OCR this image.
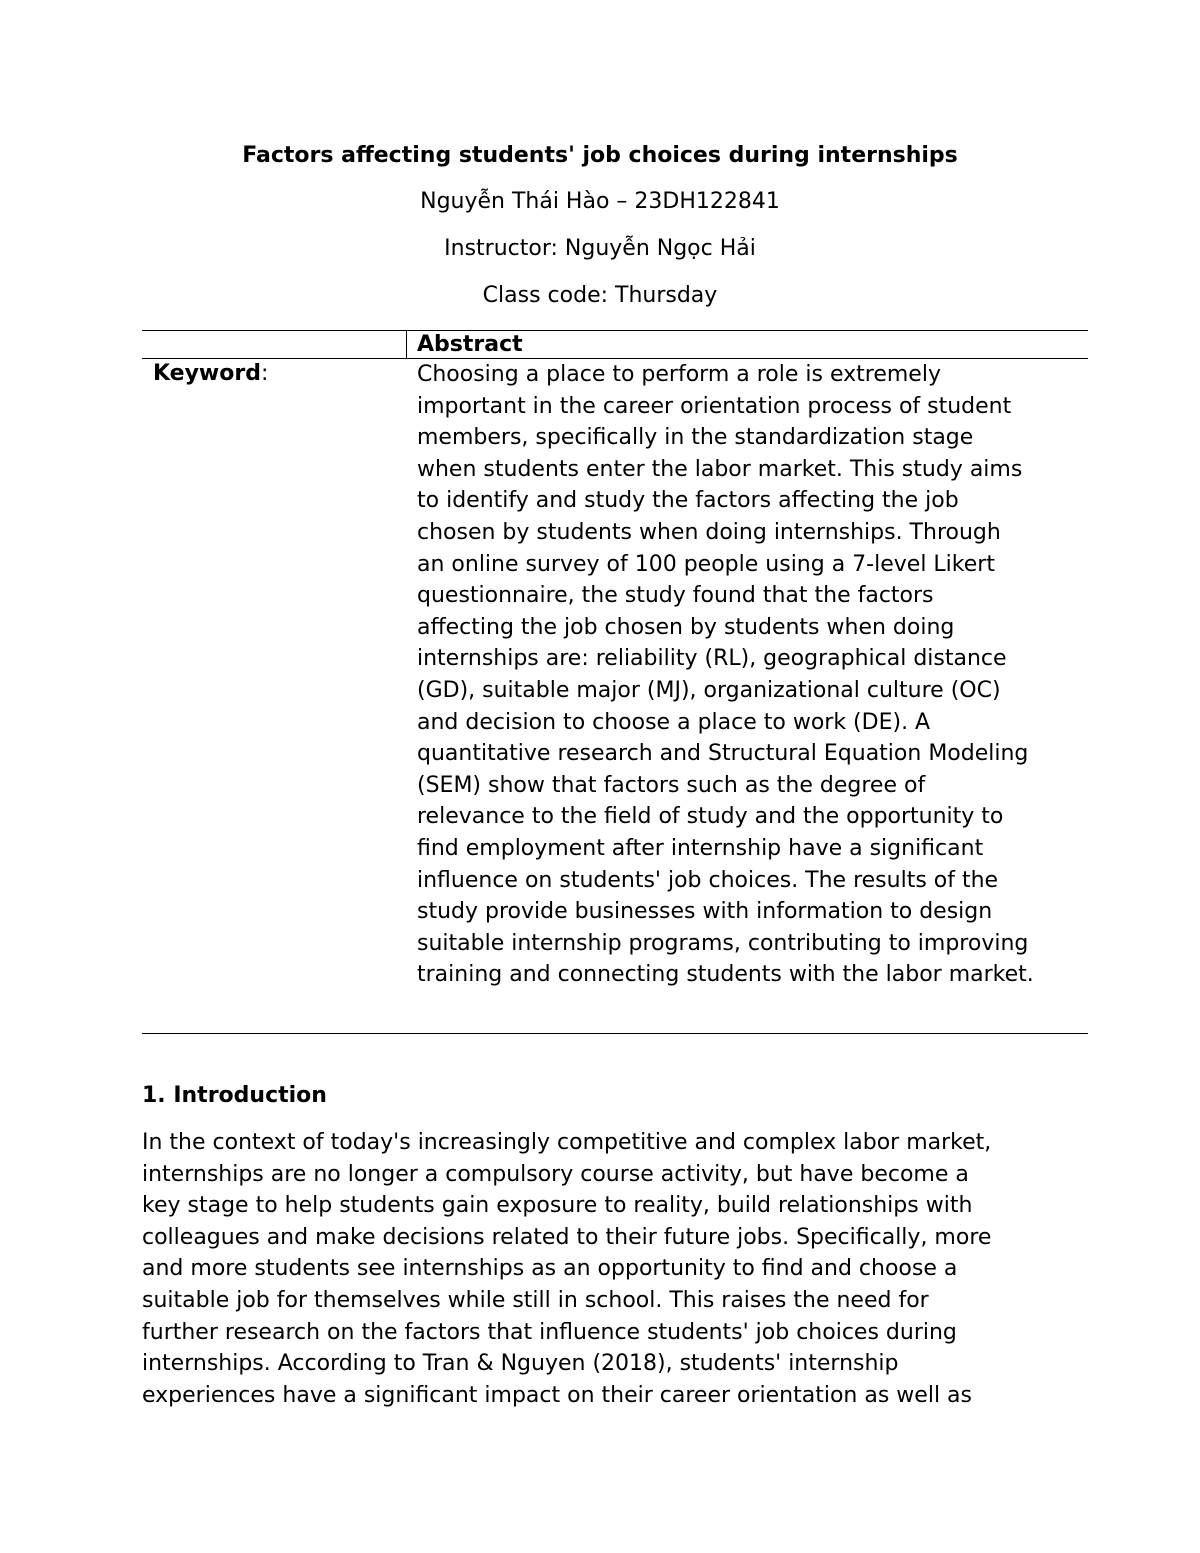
Factors affecting students' job choices during internships
Nguyễn Thái Hào – 23DH122841
Instructor: Nguyễn Ngọc Hải
Class code: Thursday
Abstract
Keyword:	Choosing a place to perform a role is extremely
important in the career orientation process of student
members, specifically in the standardization stage
when students enter the labor market. This study aims
to identify and study the factors affecting the job
chosen by students when doing internships. Through
an online survey of 100 people using a 7-level Likert
questionnaire, the study found that the factors
affecting the job chosen by students when doing
internships are: reliability (RL), geographical distance
(GD), suitable major (MJ), organizational culture (OC)
and decision to choose a place to work (DE). A
quantitative research and Structural Equation Modeling
(SEM) show that factors such as the degree of
relevance to the field of study and the opportunity to
find employment after internship have a significant
influence on students' job choices. The results of the
study provide businesses with information to design
suitable internship programs, contributing to improving
training and connecting students with the labor market.
1. Introduction
In the context of today's increasingly competitive and complex labor market,
internships are no longer a compulsory course activity, but have become a
key stage to help students gain exposure to reality, build relationships with
colleagues and make decisions related to their future jobs. Specifically, more
and more students see internships as an opportunity to find and choose a
suitable job for themselves while still in school. This raises the need for
further research on the factors that influence students' job choices during
internships. According to Tran & Nguyen (2018), students' internship
experiences have a significant impact on their career orientation as well as
